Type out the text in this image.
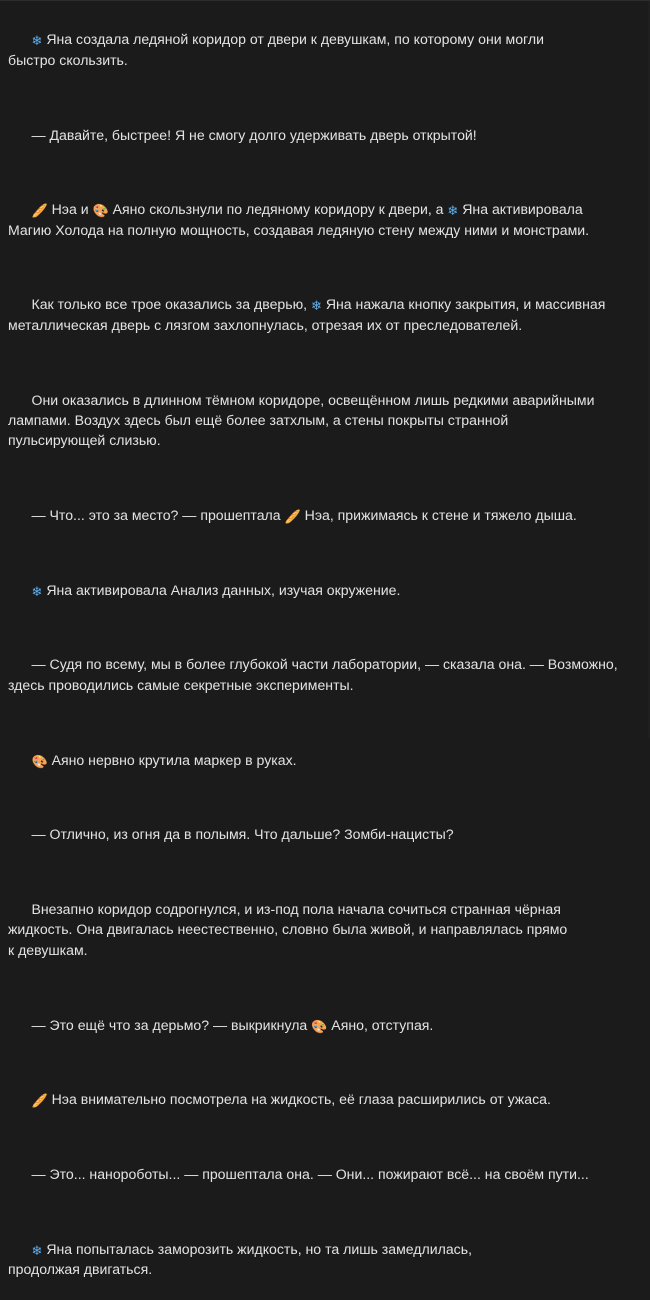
❄ Яна создала ледяной коридор от двери к девушкам, по которому они могли
быстро скользить.

— Давайте, быстрее! Я не смогу долго удерживать дверь открытой!

🥖 Нэа и 🎨 Аяно скользнули по ледяному коридору к двери, а ❄ Яна активировала
Магию Холода на полную мощность, создавая ледяную стену между ними и монстрами.

Как только все трое оказались за дверью, ❄ Яна нажала кнопку закрытия, и массивная
металлическая дверь с лязгом захлопнулась, отрезая их от преследователей.

Они оказались в длинном тёмном коридоре, освещённом лишь редкими аварийными
лампами. Воздух здесь был ещё более затхлым, а стены покрыты странной
пульсирующей слизью.

— Что... это за место? — прошептала 🥖 Нэа, прижимаясь к стене и тяжело дыша.

❄ Яна активировала Анализ данных, изучая окружение.

— Судя по всему, мы в более глубокой части лаборатории, — сказала она. — Возможно,
здесь проводились самые секретные эксперименты.

🎨 Аяно нервно крутила маркер в руках.

— Отлично, из огня да в полымя. Что дальше? Зомби-нацисты?

Внезапно коридор содрогнулся, и из-под пола начала сочиться странная чёрная
жидкость. Она двигалась неестественно, словно была живой, и направлялась прямо
к девушкам.

— Это ещё что за дерьмо? — выкрикнула 🎨 Аяно, отступая.

🥖 Нэа внимательно посмотрела на жидкость, её глаза расширились от ужаса.

— Это... нанороботы... — прошептала она. — Они... пожирают всё... на своём пути...

❄ Яна попыталась заморозить жидкость, но та лишь замедлилась,
продолжая двигаться.
